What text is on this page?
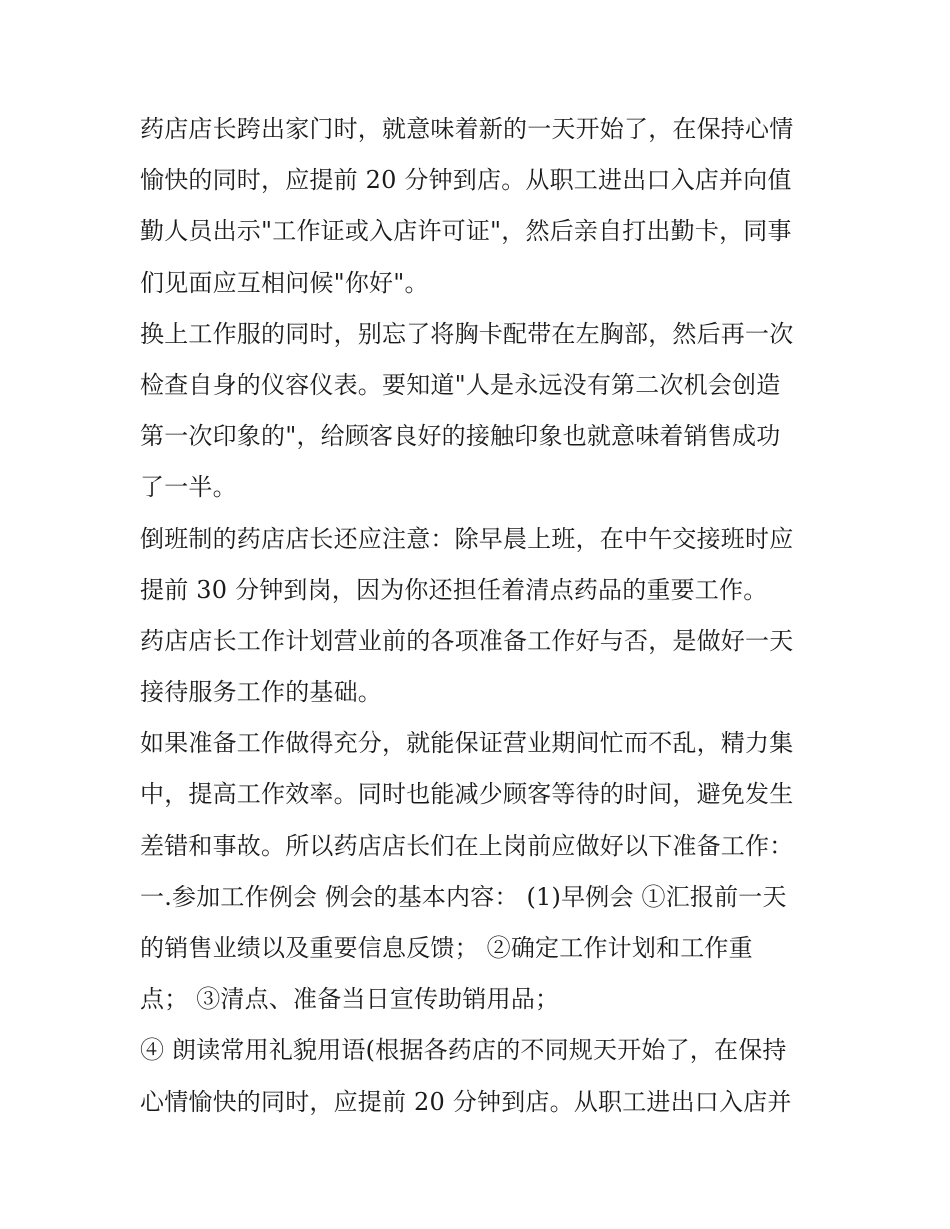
药店店长跨出家门时，就意味着新的一天开始了，在保持心情
愉快的同时，应提前 20 分钟到店。从职工进出口入店并向值
勤人员出示"工作证或入店许可证"，然后亲自打出勤卡，同事
们见面应互相问候"你好"。
换上工作服的同时，别忘了将胸卡配带在左胸部，然后再一次
检查自身的仪容仪表。要知道"人是永远没有第二次机会创造
第一次印象的"，给顾客良好的接触印象也就意味着销售成功
了一半。
倒班制的药店店长还应注意：除早晨上班，在中午交接班时应
提前 30 分钟到岗，因为你还担任着清点药品的重要工作。
药店店长工作计划营业前的各项准备工作好与否，是做好一天
接待服务工作的基础。
如果准备工作做得充分，就能保证营业期间忙而不乱，精力集
中，提高工作效率。同时也能减少顾客等待的时间，避免发生
差错和事故。所以药店店长们在上岗前应做好以下准备工作：
一.参加工作例会 例会的基本内容： (1)早例会 ①汇报前一天
的销售业绩以及重要信息反馈； ②确定工作计划和工作重
点； ③清点、准备当日宣传助销用品；
④ 朗读常用礼貌用语(根据各药店的不同规天开始了，在保持
心情愉快的同时，应提前 20 分钟到店。从职工进出口入店并
